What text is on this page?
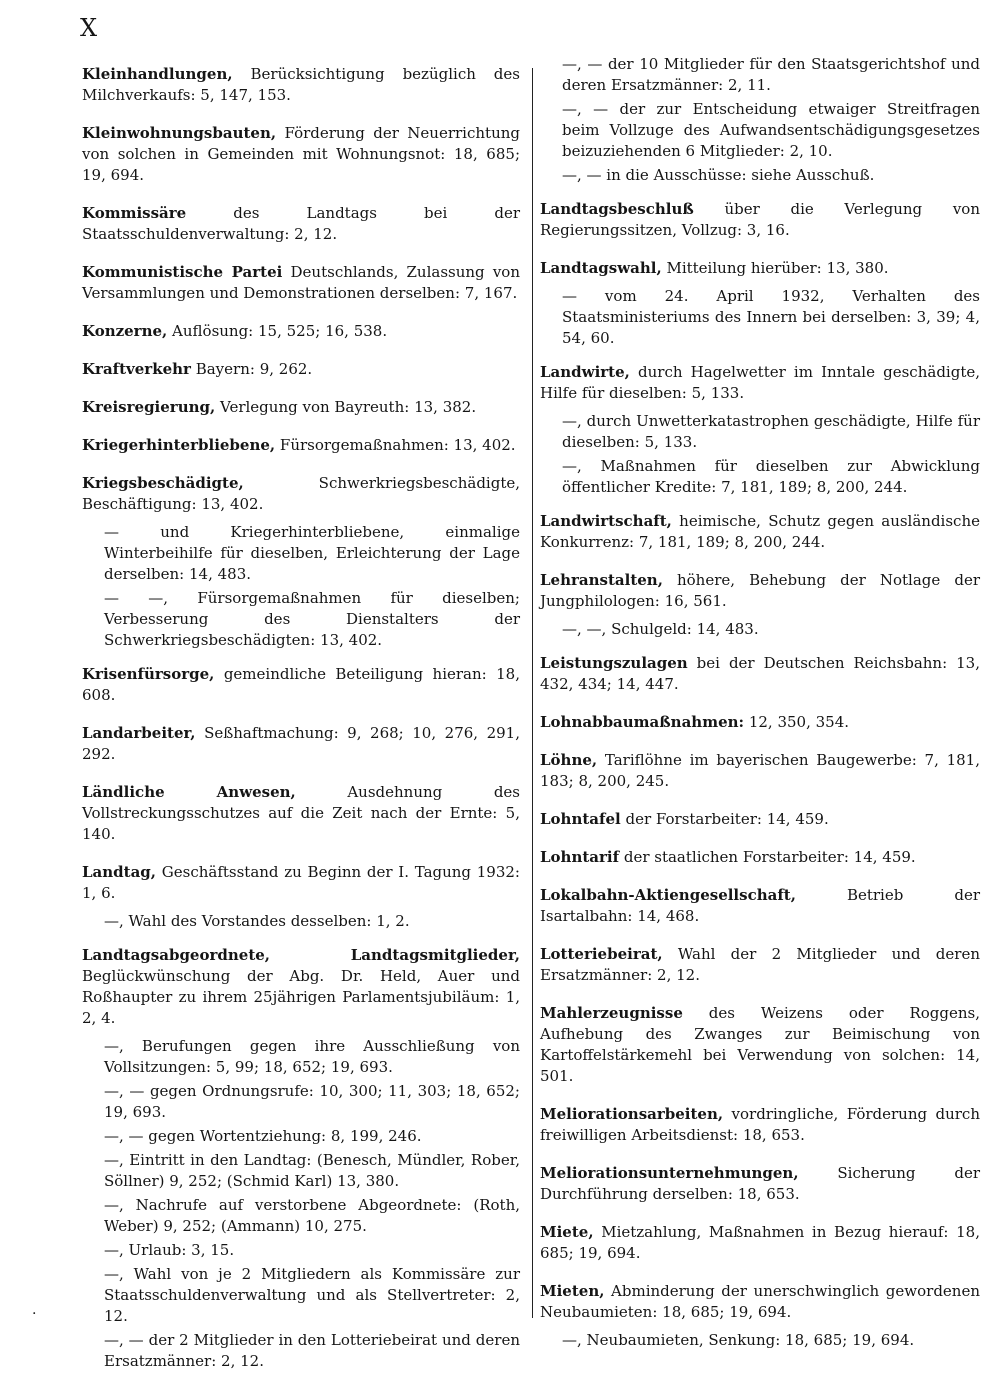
X
Kleinhandlungen, Berücksichtigung bezüglich des Milchverkaufs: 5, 147, 153.
Kleinwohnungsbauten, Förderung der Neuerrichtung von solchen in Gemeinden mit Wohnungsnot: 18, 685; 19, 694.
Kommissäre des Landtags bei der Staatsschuldenverwaltung: 2, 12.
Kommunistische Partei Deutschlands, Zulassung von Versammlungen und Demonstrationen derselben: 7, 167.
Konzerne, Auflösung: 15, 525; 16, 538.
Kraftverkehr Bayern: 9, 262.
Kreisregierung, Verlegung von Bayreuth: 13, 382.
Kriegerhinterbliebene, Fürsorgemaßnahmen: 13, 402.
Kriegsbeschädigte, Schwerkriegsbeschädigte, Beschäftigung: 13, 402.
— und Kriegerhinterbliebene, einmalige Winterbeihilfe für dieselben, Erleichterung der Lage derselben: 14, 483.
— —, Fürsorgemaßnahmen für dieselben; Verbesserung des Dienstalters der Schwerkriegsbeschädigten: 13, 402.
Krisenfürsorge, gemeindliche Beteiligung hieran: 18, 608.
Landarbeiter, Seßhaftmachung: 9, 268; 10, 276, 291, 292.
Ländliche Anwesen, Ausdehnung des Vollstreckungsschutzes auf die Zeit nach der Ernte: 5, 140.
Landtag, Geschäftsstand zu Beginn der I. Tagung 1932: 1, 6.
—, Wahl des Vorstandes desselben: 1, 2.
Landtagsabgeordnete, Landtagsmitglieder, Beglückwünschung der Abg. Dr. Held, Auer und Roßhaupter zu ihrem 25jährigen Parlamentsjubiläum: 1, 2, 4.
—, Berufungen gegen ihre Ausschließung von Vollsitzungen: 5, 99; 18, 652; 19, 693.
—, — gegen Ordnungsrufe: 10, 300; 11, 303; 18, 652; 19, 693.
—, — gegen Wortentziehung: 8, 199, 246.
—, Eintritt in den Landtag: (Benesch, Mündler, Rober, Söllner) 9, 252; (Schmid Karl) 13, 380.
—, Nachrufe auf verstorbene Abgeordnete: (Roth, Weber) 9, 252; (Ammann) 10, 275.
—, Urlaub: 3, 15.
—, Wahl von je 2 Mitgliedern als Kommissäre zur Staatsschuldenverwaltung und als Stellvertreter: 2, 12.
—, — der 2 Mitglieder in den Lotteriebeirat und deren Ersatzmänner: 2, 12.
—, — der 10 Mitglieder für den Staatsgerichtshof und deren Ersatzmänner: 2, 11.
—, — der zur Entscheidung etwaiger Streitfragen beim Vollzuge des Aufwandsentschädigungsgesetzes beizuziehenden 6 Mitglieder: 2, 10.
—, — in die Ausschüsse: siehe Ausschuß.
Landtagsbeschluß über die Verlegung von Regierungssitzen, Vollzug: 3, 16.
Landtagswahl, Mitteilung hierüber: 13, 380.
— vom 24. April 1932, Verhalten des Staatsministeriums des Innern bei derselben: 3, 39; 4, 54, 60.
Landwirte, durch Hagelwetter im Inntale geschädigte, Hilfe für dieselben: 5, 133.
—, durch Unwetterkatastrophen geschädigte, Hilfe für dieselben: 5, 133.
—, Maßnahmen für dieselben zur Abwicklung öffentlicher Kredite: 7, 181, 189; 8, 200, 244.
Landwirtschaft, heimische, Schutz gegen ausländische Konkurrenz: 7, 181, 189; 8, 200, 244.
Lehranstalten, höhere, Behebung der Notlage der Jungphilologen: 16, 561.
—, —, Schulgeld: 14, 483.
Leistungszulagen bei der Deutschen Reichsbahn: 13, 432, 434; 14, 447.
Lohnabbaumaßnahmen: 12, 350, 354.
Löhne, Tariflöhne im bayerischen Baugewerbe: 7, 181, 183; 8, 200, 245.
Lohntafel der Forstarbeiter: 14, 459.
Lohntarif der staatlichen Forstarbeiter: 14, 459.
Lokalbahn-Aktiengesellschaft, Betrieb der Isartalbahn: 14, 468.
Lotteriebeirat, Wahl der 2 Mitglieder und deren Ersatzmänner: 2, 12.
Mahlerzeugnisse des Weizens oder Roggens, Aufhebung des Zwanges zur Beimischung von Kartoffelstärkemehl bei Verwendung von solchen: 14, 501.
Meliorationsarbeiten, vordringliche, Förderung durch freiwilligen Arbeitsdienst: 18, 653.
Meliorationsunternehmungen, Sicherung der Durchführung derselben: 18, 653.
Miete, Mietzahlung, Maßnahmen in Bezug hierauf: 18, 685; 19, 694.
Mieten, Abminderung der unerschwinglich gewordenen Neubaumieten: 18, 685; 19, 694.
—, Neubaumieten, Senkung: 18, 685; 19, 694.
.
